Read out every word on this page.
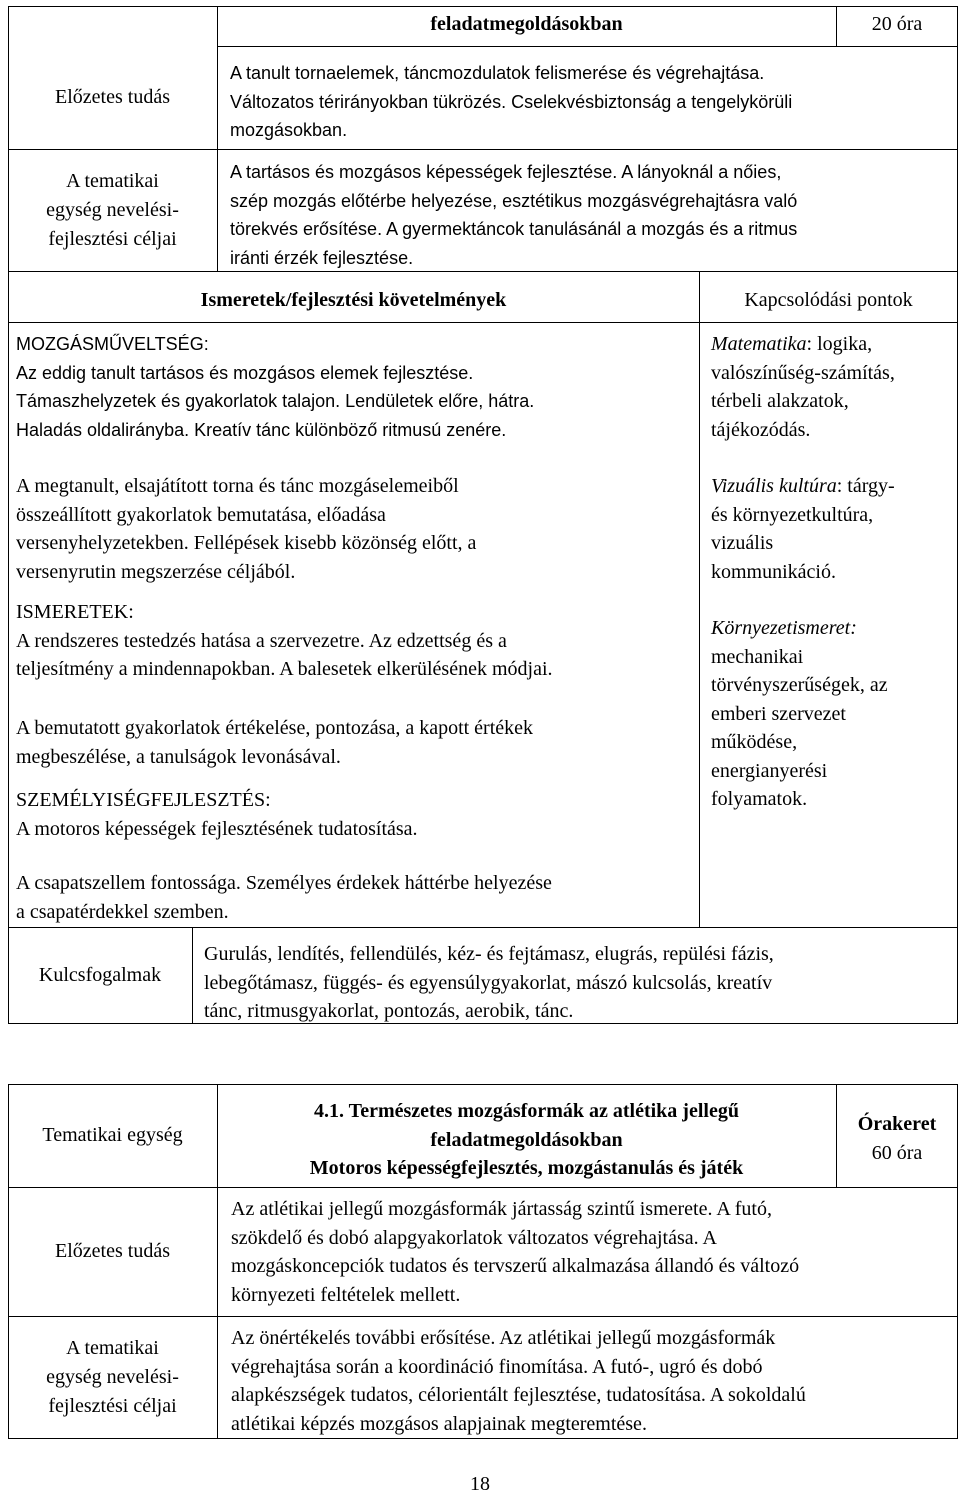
feladatmegoldásokban	20 óra
Előzetes tudás
A tanult tornaelemek, táncmozdulatok felismerése és végrehajtása.
Változatos térirányokban tükrözés. Cselekvésbiztonság a tengelykörüli
mozgásokban.
A tematikai
egység nevelési-
fejlesztési céljai
A tartásos és mozgásos képességek fejlesztése. A lányoknál a nőies,
szép mozgás előtérbe helyezése, esztétikus mozgásvégrehajtásra való
törekvés erősítése. A gyermektáncok tanulásánál a mozgás és a ritmus
iránti érzék fejlesztése.
Ismeretek/fejlesztési követelmények	Kapcsolódási pontok
MOZGÁSMŰVELTSÉG:
Az eddig tanult tartásos és mozgásos elemek fejlesztése.
Támaszhelyzetek és gyakorlatok talajon. Lendületek előre, hátra.
Haladás oldalirányba. Kreatív tánc különböző ritmusú zenére.
A megtanult, elsajátított torna és tánc mozgáselemeiből
összeállított gyakorlatok bemutatása, előadása
versenyhelyzetekben. Fellépések kisebb közönség előtt, a
versenyrutin megszerzése céljából.
ISMERETEK:
A rendszeres testedzés hatása a szervezetre. Az edzettség és a
teljesítmény a mindennapokban. A balesetek elkerülésének módjai.
A bemutatott gyakorlatok értékelése, pontozása, a kapott értékek
megbeszélése, a tanulságok levonásával.
SZEMÉLYISÉGFEJLESZTÉS:
A motoros képességek fejlesztésének tudatosítása.
A csapatszellem fontossága. Személyes érdekek háttérbe helyezése
a csapatérdekkel szemben.
Matematika: logika,
valószínűség-számítás,
térbeli alakzatok,
tájékozódás.
Vizuális kultúra: tárgy-
és környezetkultúra,
vizuális
kommunikáció.
Környezetismeret:
mechanikai
törvényszerűségek, az
emberi szervezet
működése,
energianyerési
folyamatok.
Kulcsfogalmak
Gurulás, lendítés, fellendülés, kéz- és fejtámasz, elugrás, repülési fázis,
lebegőtámasz, függés- és egyensúlygyakorlat, mászó kulcsolás, kreatív
tánc, ritmusgyakorlat, pontozás, aerobik, tánc.
Tematikai egység
4.1. Természetes mozgásformák az atlétika jellegű
feladatmegoldásokban
Motoros képességfejlesztés, mozgástanulás és játék
Órakeret
60 óra
Előzetes tudás
Az atlétikai jellegű mozgásformák jártasság szintű ismerete. A futó,
szökdelő és dobó alapgyakorlatok változatos végrehajtása. A
mozgáskoncepciók tudatos és tervszerű alkalmazása állandó és változó
környezeti feltételek mellett.
A tematikai
egység nevelési-
fejlesztési céljai
Az önértékelés további erősítése. Az atlétikai jellegű mozgásformák
végrehajtása során a koordináció finomítása. A futó-, ugró és dobó
alapkészségek tudatos, célorientált fejlesztése, tudatosítása. A sokoldalú
atlétikai képzés mozgásos alapjainak megteremtése.
18
